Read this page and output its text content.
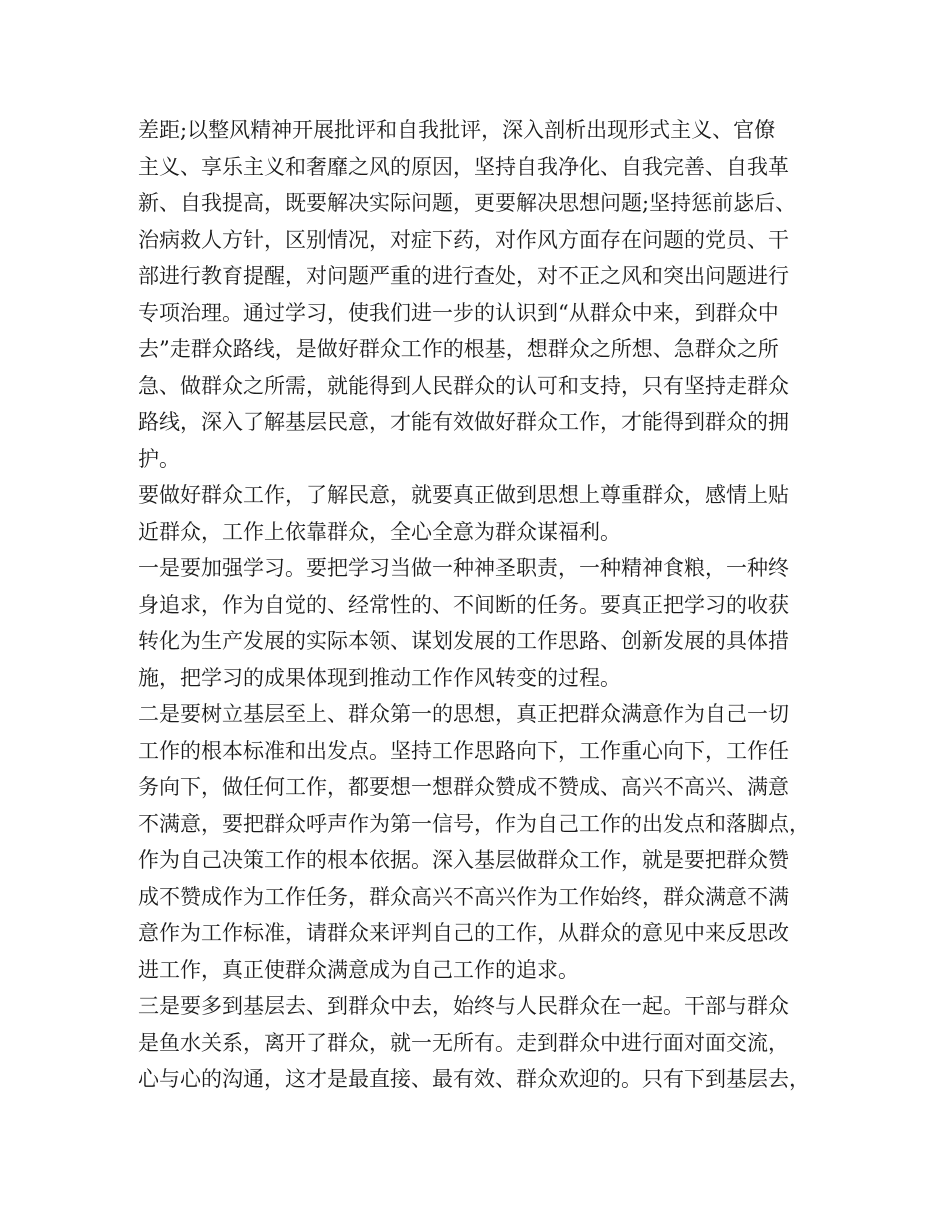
差距;以整风精神开展批评和自我批评，深入剖析出现形式主义、官僚
主义、享乐主义和奢靡之风的原因，坚持自我净化、自我完善、自我革
新、自我提高，既要解决实际问题，更要解决思想问题;坚持惩前毖后、
治病救人方针，区别情况，对症下药，对作风方面存在问题的党员、干
部进行教育提醒，对问题严重的进行查处，对不正之风和突出问题进行
专项治理。通过学习，使我们进一步的认识到“从群众中来，到群众中
去”走群众路线，是做好群众工作的根基，想群众之所想、急群众之所
急、做群众之所需，就能得到人民群众的认可和支持，只有坚持走群众
路线，深入了解基层民意，才能有效做好群众工作，才能得到群众的拥
护。
要做好群众工作，了解民意，就要真正做到思想上尊重群众，感情上贴
近群众，工作上依靠群众，全心全意为群众谋福利。
一是要加强学习。要把学习当做一种神圣职责，一种精神食粮，一种终
身追求，作为自觉的、经常性的、不间断的任务。要真正把学习的收获
转化为生产发展的实际本领、谋划发展的工作思路、创新发展的具体措
施，把学习的成果体现到推动工作作风转变的过程。
二是要树立基层至上、群众第一的思想，真正把群众满意作为自己一切
工作的根本标准和出发点。坚持工作思路向下，工作重心向下，工作任
务向下，做任何工作，都要想一想群众赞成不赞成、高兴不高兴、满意
不满意，要把群众呼声作为第一信号，作为自己工作的出发点和落脚点，
作为自己决策工作的根本依据。深入基层做群众工作，就是要把群众赞
成不赞成作为工作任务，群众高兴不高兴作为工作始终，群众满意不满
意作为工作标准，请群众来评判自己的工作，从群众的意见中来反思改
进工作，真正使群众满意成为自己工作的追求。
三是要多到基层去、到群众中去，始终与人民群众在一起。干部与群众
是鱼水关系，离开了群众，就一无所有。走到群众中进行面对面交流，
心与心的沟通，这才是最直接、最有效、群众欢迎的。只有下到基层去，
